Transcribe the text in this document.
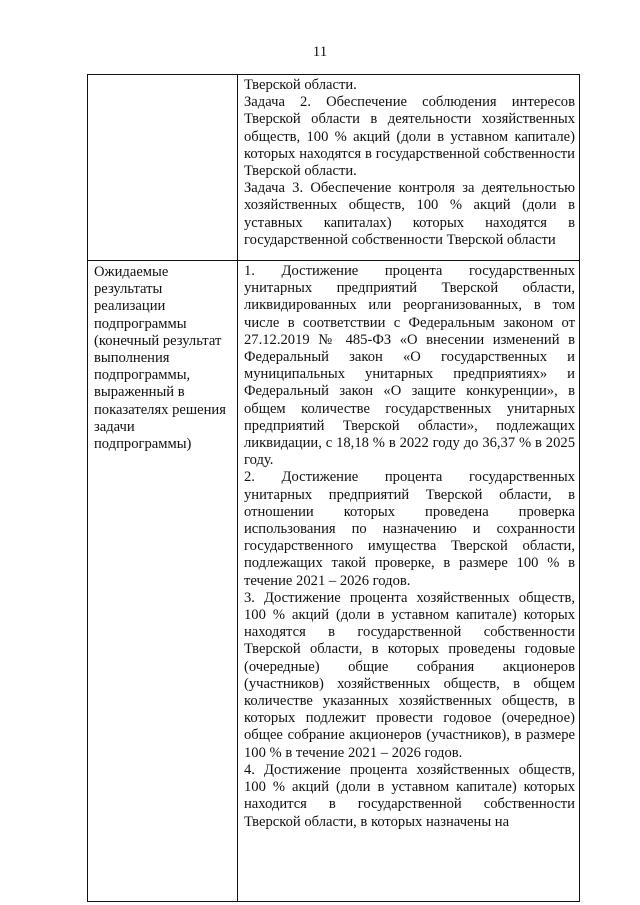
11

	Тверской области.

Задача 2. Обеспечение соблюдения интересов Тверской области в деятельности хозяйственных обществ, 100 % акций (доли в уставном капитале) которых находятся в государственной собственности Тверской области.

Задача 3. Обеспечение контроля за деятельностью хозяйственных обществ, 100 % акций (доли в уставных капиталах) которых находятся в государственной собственности Тверской области

Ожидаемые результаты реализации подпрограммы (конечный результат выполнения подпрограммы, выраженный в показателях решения задачи подпрограммы)	1. Достижение процента государственных унитарных предприятий Тверской области, ликвидированных или реорганизованных, в том числе в соответствии с Федеральным законом от 27.12.2019 № 485-ФЗ «О внесении изменений в Федеральный закон «О государственных и муниципальных унитарных предприятиях» и Федеральный закон «О защите конкуренции», в общем количестве государственных унитарных предприятий Тверской области», подлежащих ликвидации, с 18,18 % в 2022 году до 36,37 % в 2025 году.

2. Достижение процента государственных унитарных предприятий Тверской области, в отношении которых проведена проверка использования по назначению и сохранности государственного имущества Тверской области, подлежащих такой проверке, в размере 100 % в течение 2021 – 2026 годов.

3. Достижение процента хозяйственных обществ, 100 % акций (доли в уставном капитале) которых находятся в государственной собственности Тверской области, в которых проведены годовые (очередные) общие собрания акционеров (участников) хозяйственных обществ, в общем количестве указанных хозяйственных обществ, в которых подлежит провести годовое (очередное) общее собрание акционеров (участников), в размере 100 % в течение 2021 – 2026 годов.

4. Достижение процента хозяйственных обществ, 100 % акций (доли в уставном капитале) которых находится в государственной собственности Тверской области, в которых назначены на
